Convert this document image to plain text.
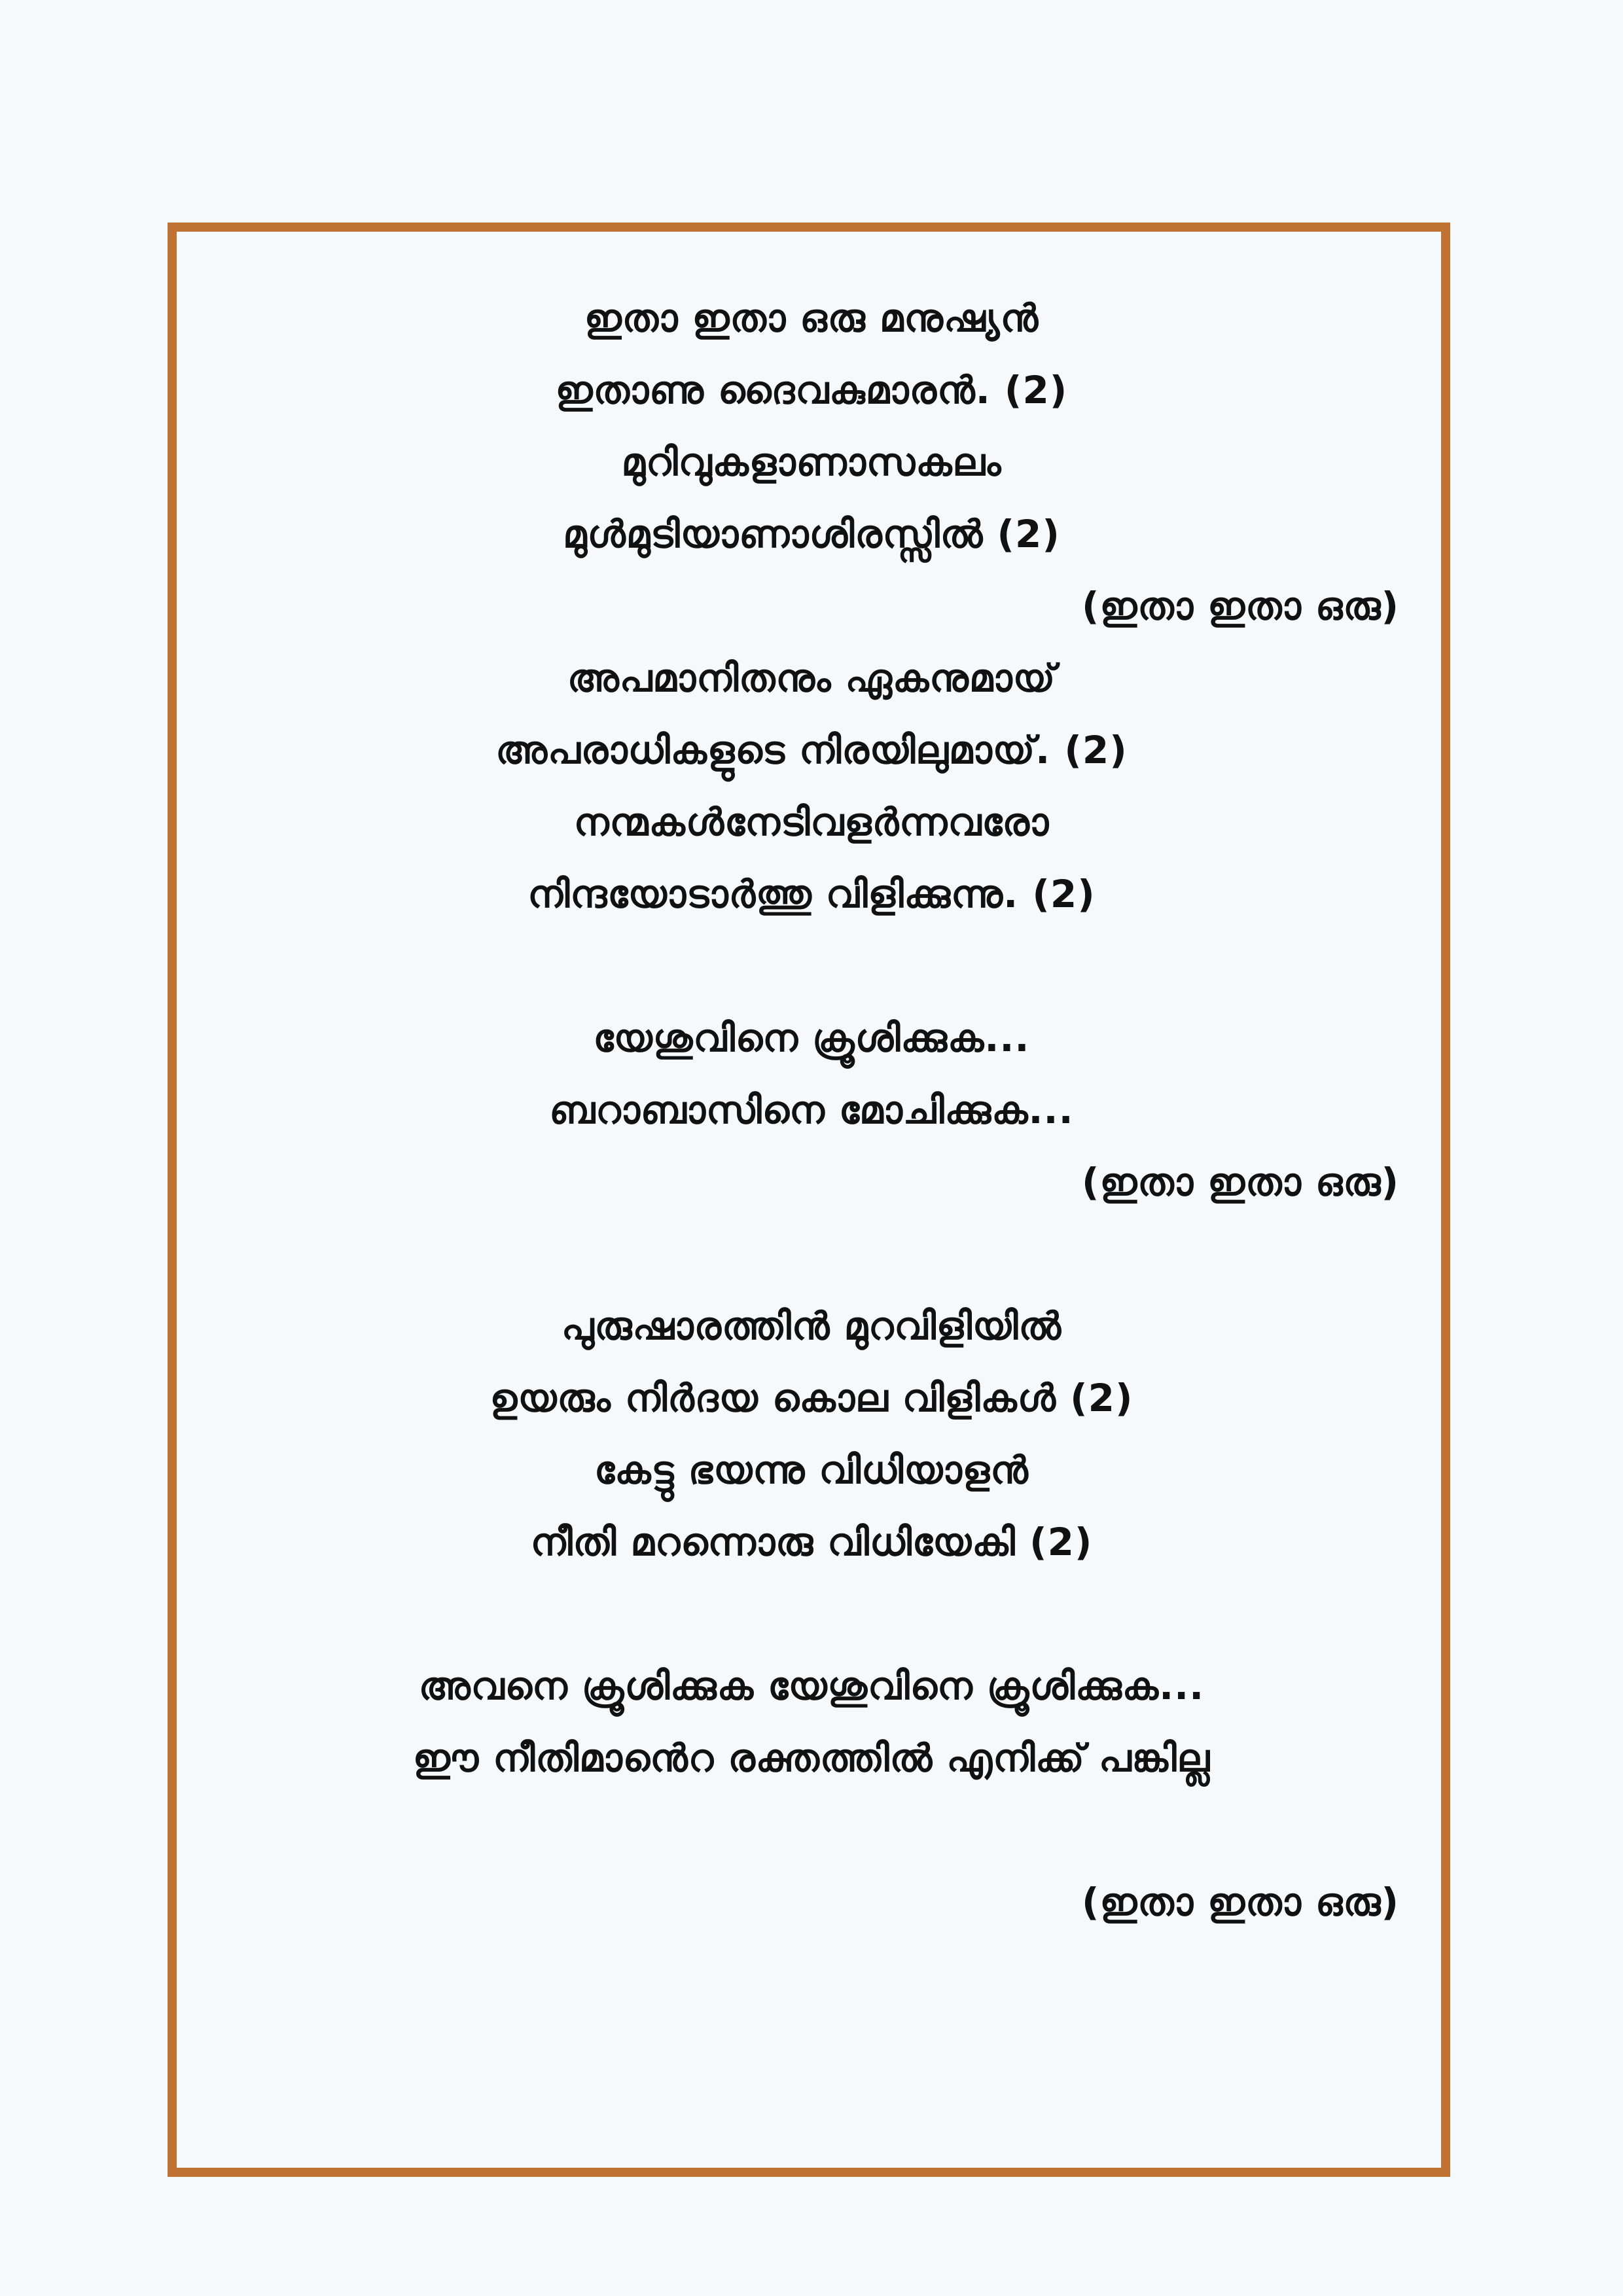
ഇതാ ഇതാ ഒരു മനുഷ്യൻ
ഇതാണു ദൈവകുമാരൻ. (2)
മുറിവുകളാണാസകലം
മുൾമുടിയാണാശിരസ്സിൽ (2)
(ഇതാ ഇതാ ഒരു)
അപമാനിതനും ഏകനുമായ്
അപരാധികളുടെ നിരയിലുമായ്. (2)
നന്മകൾനേടിവളർന്നവരോ
നിന്ദയോടാർത്തു വിളിക്കുന്നു. (2)
യേശുവിനെ ക്രൂശിക്കുക...
ബറാബാസിനെ മോചിക്കുക...
(ഇതാ ഇതാ ഒരു)
പുരുഷാരത്തിൻ മുറവിളിയിൽ
ഉയരും നിർദയ കൊല വിളികൾ (2)
കേട്ടു ഭയന്നു വിധിയാളൻ
നീതി മറന്നൊരു വിധിയേകി (2)
അവനെ ക്രൂശിക്കുക യേശുവിനെ ക്രൂശിക്കുക...
ഈ നീതിമാൻെറ രക്തത്തിൽ എനിക്ക് പങ്കില്ല
(ഇതാ ഇതാ ഒരു)
